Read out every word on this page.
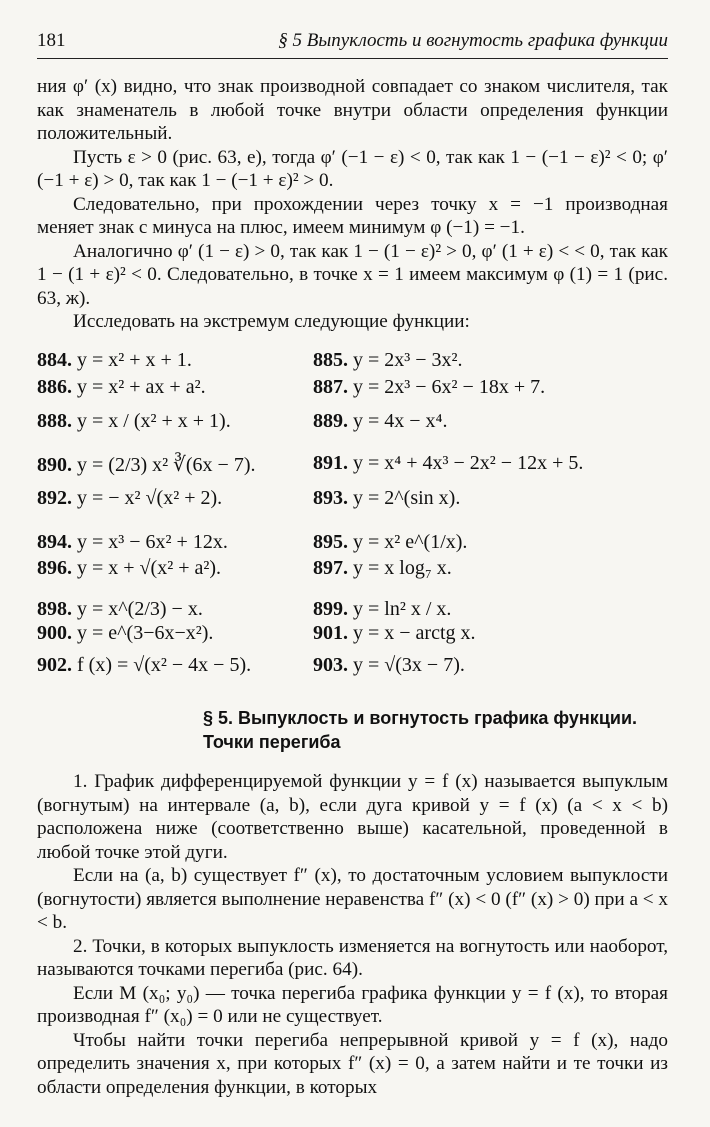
181	§ 5 Выпуклость и вогнутость графика функции

ния φ′ (x) видно, что знак производной совпадает со знаком числителя, так как знаменатель в любой точке внутри области определения функции положительный.

Пусть ε > 0 (рис. 63, е), тогда φ′ (−1 − ε) < 0, так как 1 − (−1 − ε)² < 0; φ′ (−1 + ε) > 0, так как 1 − (−1 + ε)² > 0.

Следовательно, при прохождении через точку x = −1 производная меняет знак с минуса на плюс, имеем минимум φ (−1) = −1.

Аналогично φ′ (1 − ε) > 0, так как 1 − (1 − ε)² > 0, φ′ (1 + ε) < < 0, так как 1 − (1 + ε)² < 0. Следовательно, в точке x = 1 имеем максимум φ (1) = 1 (рис. 63, ж).

Исследовать на экстремум следующие функции:

884. y = x² + x + 1.	885. y = 2x³ − 3x².
886. y = x² + ax + a².	887. y = 2x³ − 6x² − 18x + 7.
888. y = x / (x² + x + 1).	889. y = 4x − x⁴.
890. y = (2/3) x² ∛(6x − 7).	891. y = x⁴ + 4x³ − 2x² − 12x + 5.
892. y = − x² √(x² + 2).	893. y = 2^(sin x).
894. y = x³ − 6x² + 12x.	895. y = x² e^(1/x).
896. y = x + √(x² + a²).	897. y = x log₇ x.
898. y = x^(2/3) − x.	899. y = ln² x / x.
900. y = e^(3−6x−x²).	901. y = x − arctg x.
902. f (x) = √(x² − 4x − 5).	903. y = √(3x − 7).
§ 5. Выпуклость и вогнутость графика функции.
Точки перегиба

1. График дифференцируемой функции y = f (x) называется выпуклым (вогнутым) на интервале (a, b), если дуга кривой y = f (x) (a < x < b) расположена ниже (соответственно выше) касательной, проведенной в любой точке этой дуги.

Если на (a, b) существует f″ (x), то достаточным условием выпуклости (вогнутости) является выполнение неравенства f″ (x) < 0 (f″ (x) > 0) при a < x < b.

2. Точки, в которых выпуклость изменяется на вогнутость или наоборот, называются точками перегиба (рис. 64).

Если M (x₀; y₀) — точка перегиба графика функции y = f (x), то вторая производная f″ (x₀) = 0 или не существует.

Чтобы найти точки перегиба непрерывной кривой y = f (x), надо определить значения x, при которых f″ (x) = 0, а затем найти и те точки из области определения функции, в которых
